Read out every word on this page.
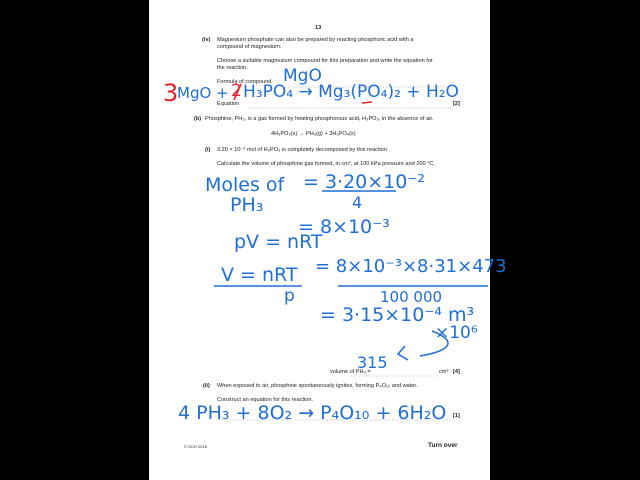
13
(iv) Magnesium phosphate can also be prepared by reacting phosphoric acid with a
compound of magnesium.
Choose a suitable magnesium compound for this preparation and write the equation for
the reaction.
Formula of compound
Equation	[2]
(b) Phosphine, PH₃, is a gas formed by heating phosphorous acid, H₃PO₃, in the absence of air.
4H₃PO₃(s) → PH₃(g) + 3H₃PO₄(s)
(i) 3.20 × 10⁻² mol of H₃PO₃ is completely decomposed by this reaction.
Calculate the volume of phosphine gas formed, in cm³, at 100 kPa pressure and 200 °C.
volume of PH₃ =	cm³ [4]
(ii) When exposed to air, phosphine spontaneously ignites, forming P₄O₁₀ and water.
Construct an equation for this reaction.
[1]
© OCR 2018	Turn over
MgO
3
MgO + 2 H₃PO₄ → Mg₃(PO₄)₂ + H₂O
Moles of
PH₃
= 3·20×10⁻²
4
= 8×10⁻³
pV = nRT
V = nRT
p
= 8×10⁻³×8·31×473
100 000
= 3·15×10⁻⁴ m³
×10⁶
315
4 PH₃ + 8O₂ → P₄O₁₀ + 6H₂O
